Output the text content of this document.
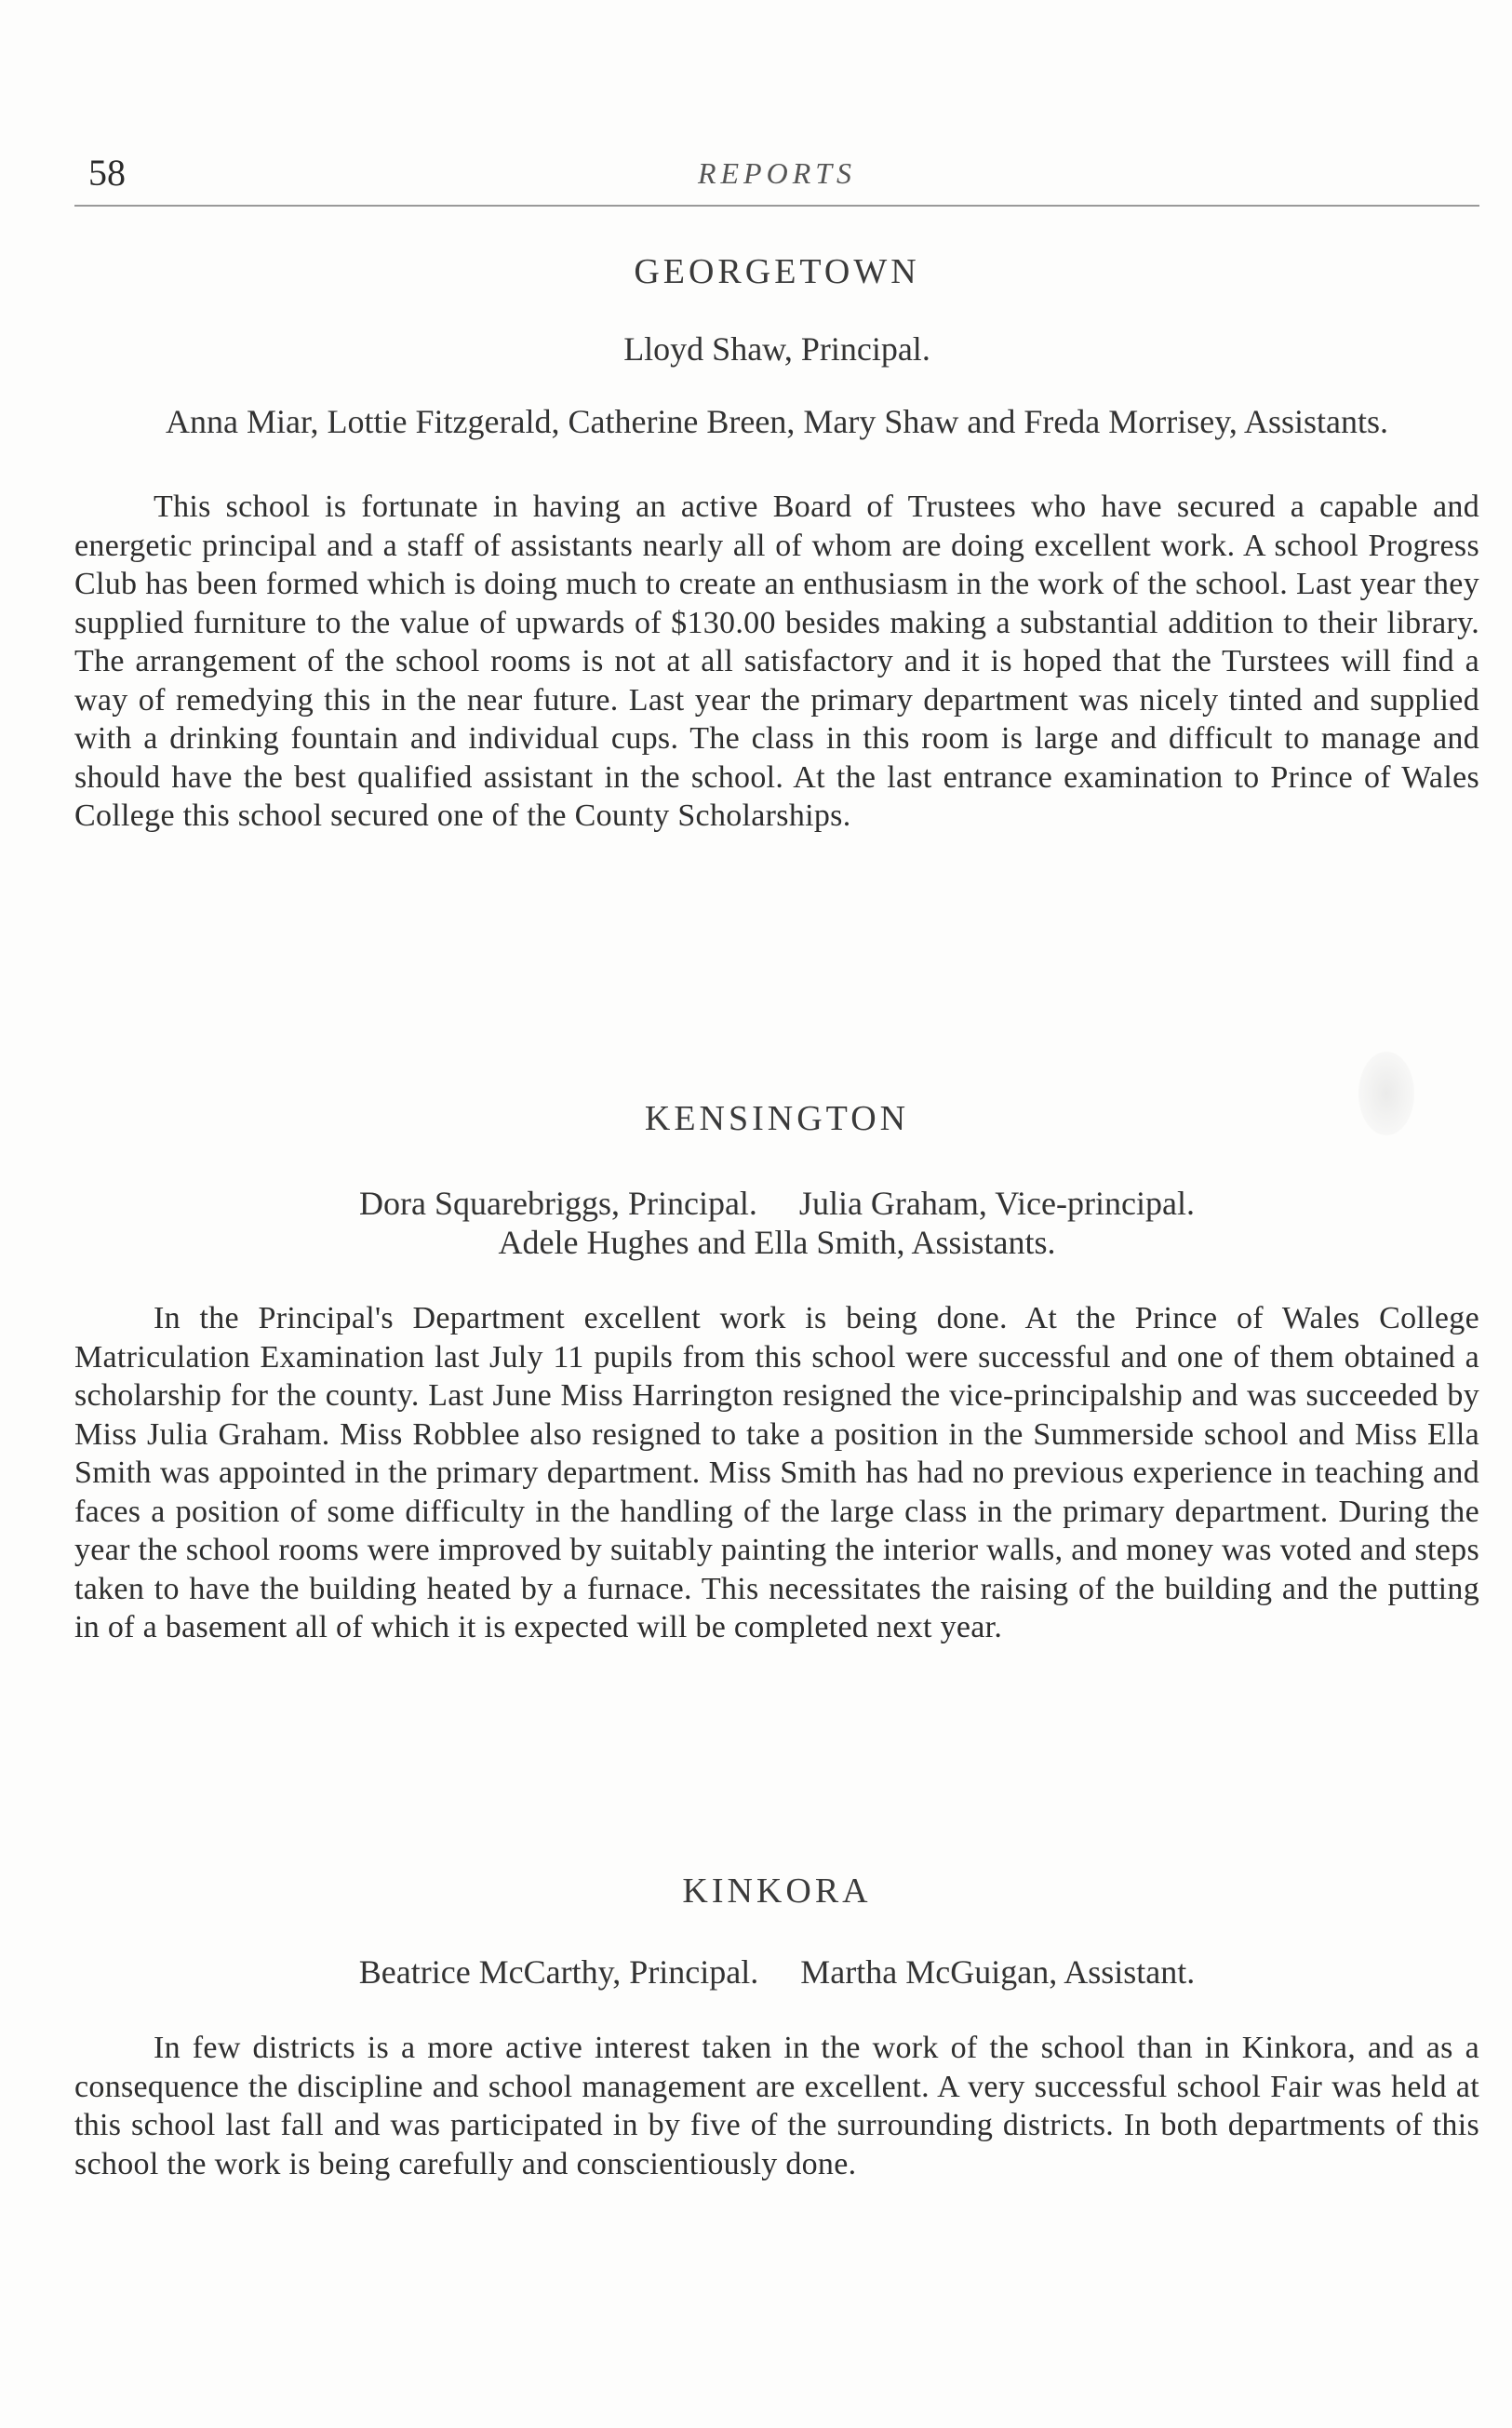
58	REPORTS
GEORGETOWN

Lloyd Shaw, Principal.

Anna Miar, Lottie Fitzgerald, Catherine Breen, Mary Shaw and Freda Morrisey, Assistants.

This school is fortunate in having an active Board of Trustees who have secured a capable and energetic principal and a staff of assistants nearly all of whom are doing excellent work. A school Progress Club has been formed which is doing much to create an enthusiasm in the work of the school. Last year they supplied furniture to the value of upwards of $130.00 besides making a substantial addition to their library. The arrangement of the school rooms is not at all satisfactory and it is hoped that the Turstees will find a way of remedying this in the near future. Last year the primary department was nicely tinted and supplied with a drinking fountain and individual cups. The class in this room is large and difficult to manage and should have the best qualified assistant in the school. At the last entrance examination to Prince of Wales College this school secured one of the County Scholarships.

KENSINGTON

Dora Squarebriggs, Principal.     Julia Graham, Vice-principal.

Adele Hughes and Ella Smith, Assistants.

In the Principal's Department excellent work is being done. At the Prince of Wales College Matriculation Examination last July 11 pupils from this school were successful and one of them obtained a scholarship for the county. Last June Miss Harrington resigned the vice-principalship and was succeeded by Miss Julia Graham. Miss Robblee also resigned to take a position in the Summerside school and Miss Ella Smith was appointed in the primary department. Miss Smith has had no previous experience in teaching and faces a position of some difficulty in the handling of the large class in the primary department. During the year the school rooms were improved by suitably painting the interior walls, and money was voted and steps taken to have the building heated by a furnace. This necessitates the raising of the building and the putting in of a basement all of which it is expected will be completed next year.

KINKORA

Beatrice McCarthy, Principal.     Martha McGuigan, Assistant.

In few districts is a more active interest taken in the work of the school than in Kinkora, and as a consequence the discipline and school management are excellent. A very successful school Fair was held at this school last fall and was participated in by five of the surrounding districts. In both departments of this school the work is being carefully and conscientiously done.
